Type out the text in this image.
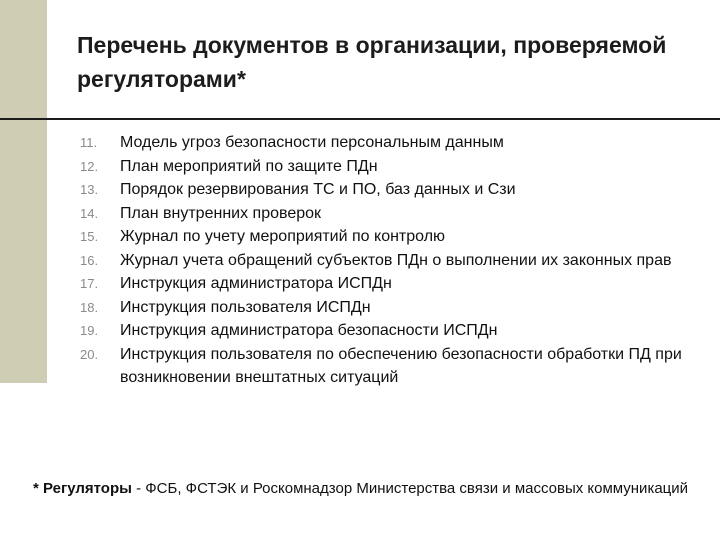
Перечень документов в организации, проверяемой регуляторами*
11. Модель угроз безопасности персональным данным
12. План мероприятий по защите ПДн
13. Порядок резервирования ТС и ПО, баз данных и Сзи
14. План внутренних проверок
15. Журнал по учету мероприятий по контролю
16. Журнал учета обращений субъектов ПДн о выполнении их законных прав
17. Инструкция администратора ИСПДн
18. Инструкция пользователя ИСПДн
19. Инструкция администратора безопасности ИСПДн
20. Инструкция пользователя по обеспечению безопасности обработки ПД при возникновении внештатных ситуаций

* Регуляторы - ФСБ, ФСТЭК и Роскомнадзор Министерства связи и массовых коммуникаций
